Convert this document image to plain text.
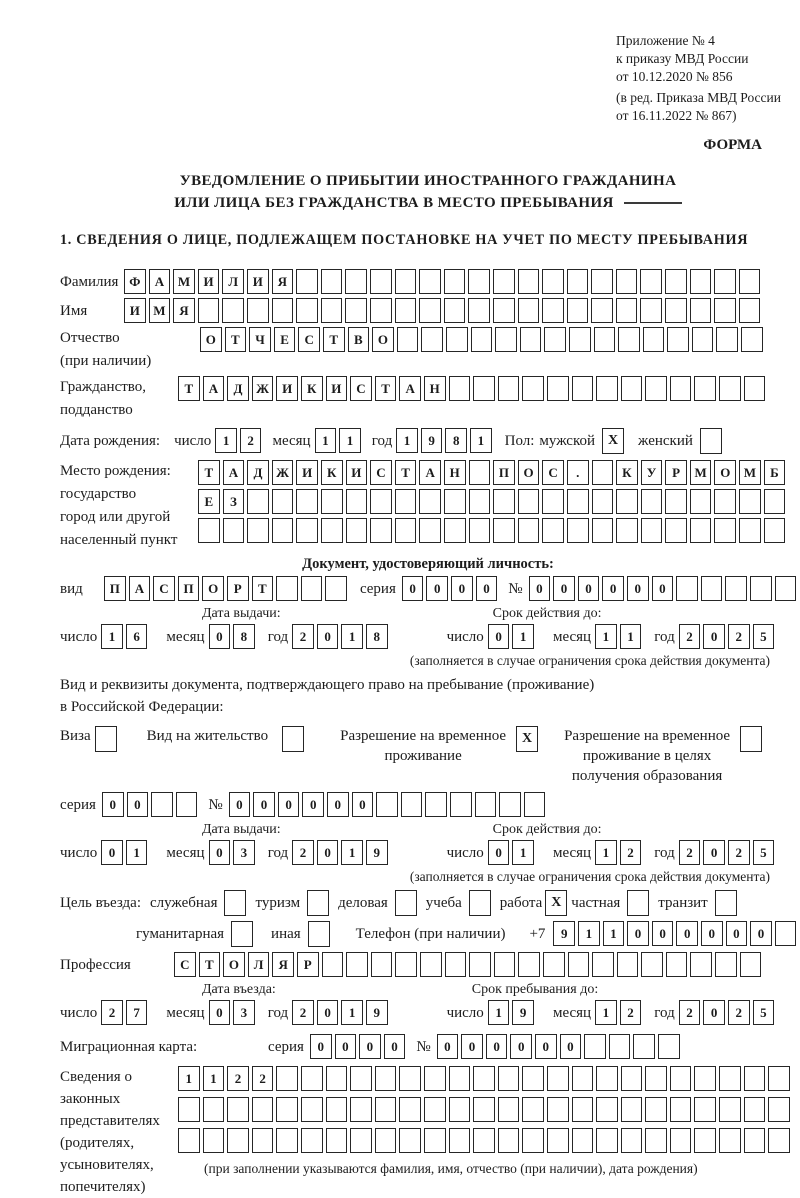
Приложение № 4
к приказу МВД России
от 10.12.2020 № 856
(в ред. Приказа МВД России
от 16.11.2022 № 867)
ФОРМА
УВЕДОМЛЕНИЕ О ПРИБЫТИИ ИНОСТРАННОГО ГРАЖДАНИНА
ИЛИ ЛИЦА БЕЗ ГРАЖДАНСТВА В МЕСТО ПРЕБЫВАНИЯ
1. СВЕДЕНИЯ О ЛИЦЕ, ПОДЛЕЖАЩЕМ ПОСТАНОВКЕ НА УЧЕТ ПО МЕСТУ ПРЕБЫВАНИЯ
Фамилия Ф	А	М	И	Л	И	Я
Имя	И	М	Я
Отчество
(при наличии)
О	Т	Ч	Е	С	Т	В	О
Гражданство,
подданство
Т	А	Д	Ж	И	К	И	С	Т	А	Н
Дата рождения: число 1	2	месяц 1	1	год 1	9	8	1	Пол: мужской X	женский
Место рождения:
государство
город или другой
населенный пункт
Т	А	Д	Ж	И	К	И	С	Т	А	Н	П	О	С	.	К	У	Р	М	О	М	Б
Е	З
Документ, удостоверяющий личность:
вид	П	А	С	П	О	Р	Т	серия	0	0	0	0	№	0	0	0	0	0	0
Дата выдачи:	Срок действия до:
число 1	6	месяц 0	8	год 2	0	1	8	число 0	1	месяц 1	1	год 2	0	2	5
(заполняется в случае ограничения срока действия документа)
Вид и реквизиты документа, подтверждающего право на пребывание (проживание)
в Российской Федерации:
Виза	Вид на жительство	Разрешение на временное
проживание
X	Разрешение на временное
проживание в целях
получения образования
серия	0	0	№	0	0	0	0	0	0
Дата выдачи:	Срок действия до:
число 0	1	месяц 0	3	год 2	0	1	9	число 0	1	месяц 1	2	год 2	0	2	5
(заполняется в случае ограничения срока действия документа)
Цель въезда: служебная	туризм	деловая	учеба	работа X частная	транзит
гуманитарная	иная	Телефон (при наличии) +7	9	1	1	0	0	0	0	0	0
Профессия	С	Т	О	Л	Я	Р
Дата въезда:	Срок пребывания до:
число 2	7	месяц 0	3	год 2	0	1	9	число 1	9	месяц 1	2	год 2	0	2	5
Миграционная карта:	серия	0	0	0	0	№	0	0	0	0	0	0
Сведения о
законных
представителях
(родителях,
усыновителях,
попечителях)
1	1	2	2
(при заполнении указываются фамилия, имя, отчество (при наличии), дата рождения)
